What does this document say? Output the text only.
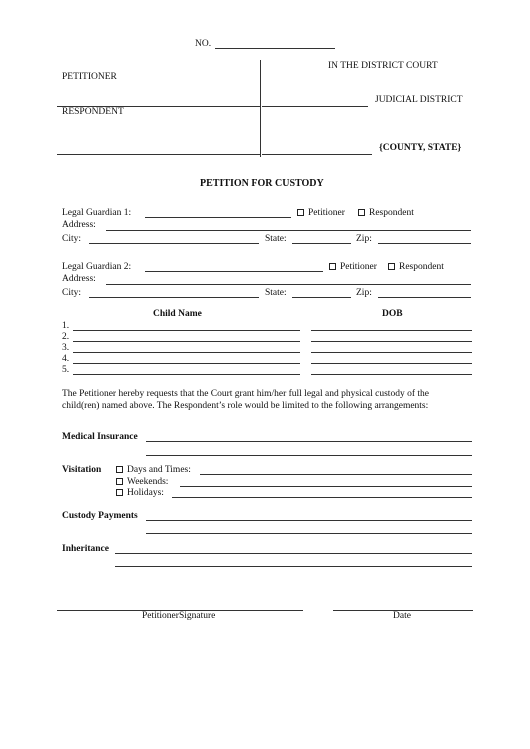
NO.
PETITIONER
RESPONDENT
IN THE DISTRICT COURT
JUDICIAL DISTRICT
{COUNTY, STATE}
PETITION FOR CUSTODY
Legal Guardian 1:	Petitioner	Respondent
Address:
City:	State:	Zip:
Legal Guardian 2:	Petitioner	Respondent
Address:
City:	State:	Zip:
Child Name	DOB
1.
2.
3.
4.
5.
The Petitioner hereby requests that the Court grant him/her full legal and physical custody of the
child(ren) named above. The Respondent’s role would be limited to the following arrangements:
Medical Insurance
Visitation	Days and Times:
Weekends:
Holidays:
Custody Payments
Inheritance
PetitionerSignature	Date
